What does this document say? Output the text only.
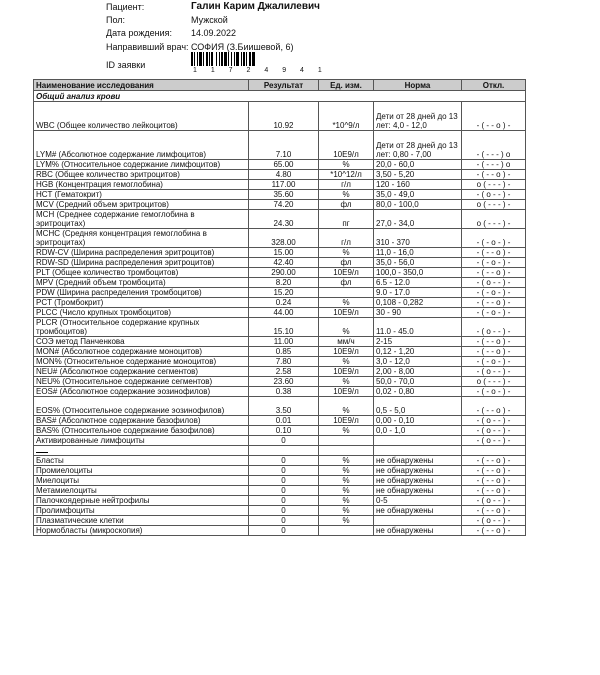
Пациент:	Галин Карим Джалилевич
Пол:	Мужской
Дата рождения: 14.09.2022
Направивший врач: СОФИЯ (З.Биишевой, 6)
ID заявки
1 1 7 2 4 9 4 1
Наименование исследования	Результат	Ед. изм.	Норма	Откл.
Общий анализ крови				
WBC (Общее количество лейкоцитов)	10.92	*10^9/л	Дети от 28 дней до 13 лет: 4,0 - 12,0	- ( - - о ) -
LYM# (Абсолютное содержание лимфоцитов)	7.10	10E9/л	Дети от 28 дней до 13 лет: 0,80 - 7,00	- ( - - - ) о
LYM% (Относительное содержание лимфоцитов)	65.00	%	20,0 - 60,0	- ( - - - ) о
RBC (Общее количество эритроцитов)	4.80	*10^12/л	3,50 - 5,20	- ( - - о ) -
HGB (Концентрация гемоглобина)	117.00	г/л	120 - 160	о ( - - - ) -
HCT (Гематокрит)	35.60	%	35,0 - 49,0	- ( о - - ) -
MCV (Средний объем эритроцитов)	74.20	фл	80,0 - 100,0	о ( - - - ) -
MCH (Среднее содержание гемоглобина в эритроцитах)	24.30	пг	27,0 - 34,0	о ( - - - ) -
MCHC (Средняя концентрация гемоглобина в эритроцитах)	328.00	г/л	310 - 370	- ( - о - ) -
RDW-CV (Ширина распределения эритроцитов)	15.00	%	11,0 - 16,0	- ( - - о ) -
RDW-SD (Ширина распределения эритроцитов)	42.40	фл	35,0 - 56,0	- ( - о - ) -
PLT (Общее количество тромбоцитов)	290.00	10E9/л	100,0 - 350,0	- ( - - о ) -
MPV (Средний объем тромбоцита)	8.20	фл	6.5 - 12.0	- ( о - - ) -
PDW (Ширина распределения тромбоцитов)	15.20		9.0 - 17.0	- ( - о - ) -
PCT (Тромбокрит)	0.24	%	0,108 - 0,282	- ( - - о ) -
PLCC (Число крупных тромбоцитов)	44.00	10E9/л	30 - 90	- ( - о - ) -
PLCR (Относительное содержание крупных тромбоцитов)	15.10	%	11.0 - 45.0	- ( о - - ) -
СОЭ метод Панченкова	11.00	мм/ч	2-15	- ( - - о ) -
MON# (Абсолютное содержание моноцитов)	0.85	10E9/л	0,12 - 1,20	- ( - - о ) -
MON% (Относительное содержание моноцитов)	7.80	%	3,0 - 12,0	- ( - о - ) -
NEU# (Абсолютное содержание сегментов)	2.58	10E9/л	2,00 - 8,00	- ( о - - ) -
NEU% (Относительное содержание сегментов)	23.60	%	50,0 - 70,0	о ( - - - ) -
EOS# (Абсолютное содержание эозинофилов)	0.38	10E9/л	0,02 - 0,80	- ( - о - ) -
EOS% (Относительное содержание эозинофилов)	3.50	%	0,5 - 5,0	- ( - - о ) -
BAS# (Абсолютное содержание базофилов)	0.01	10E9/л	0,00 - 0,10	- ( о - - ) -
BAS% (Относительное содержание базофилов)	0.10	%	0,0 - 1,0	- ( о - - ) -
Активированные лимфоциты	0			- ( о - - ) -

Бласты	0	%	не обнаружены	- ( - - о ) -
Промиелоциты	0	%	не обнаружены	- ( - - о ) -
Миелоциты	0	%	не обнаружены	- ( - - о ) -
Метамиелоциты	0	%	не обнаружены	- ( - - о ) -
Палочкоядерные нейтрофилы	0	%	0-5	- ( о - - ) -
Пролимфоциты	0	%	не обнаружены	- ( - - о ) -
Плазматические клетки	0	%		- ( о - - ) -
Нормобласты (микроскопия)	0		не обнаружены	- ( - - о ) -
